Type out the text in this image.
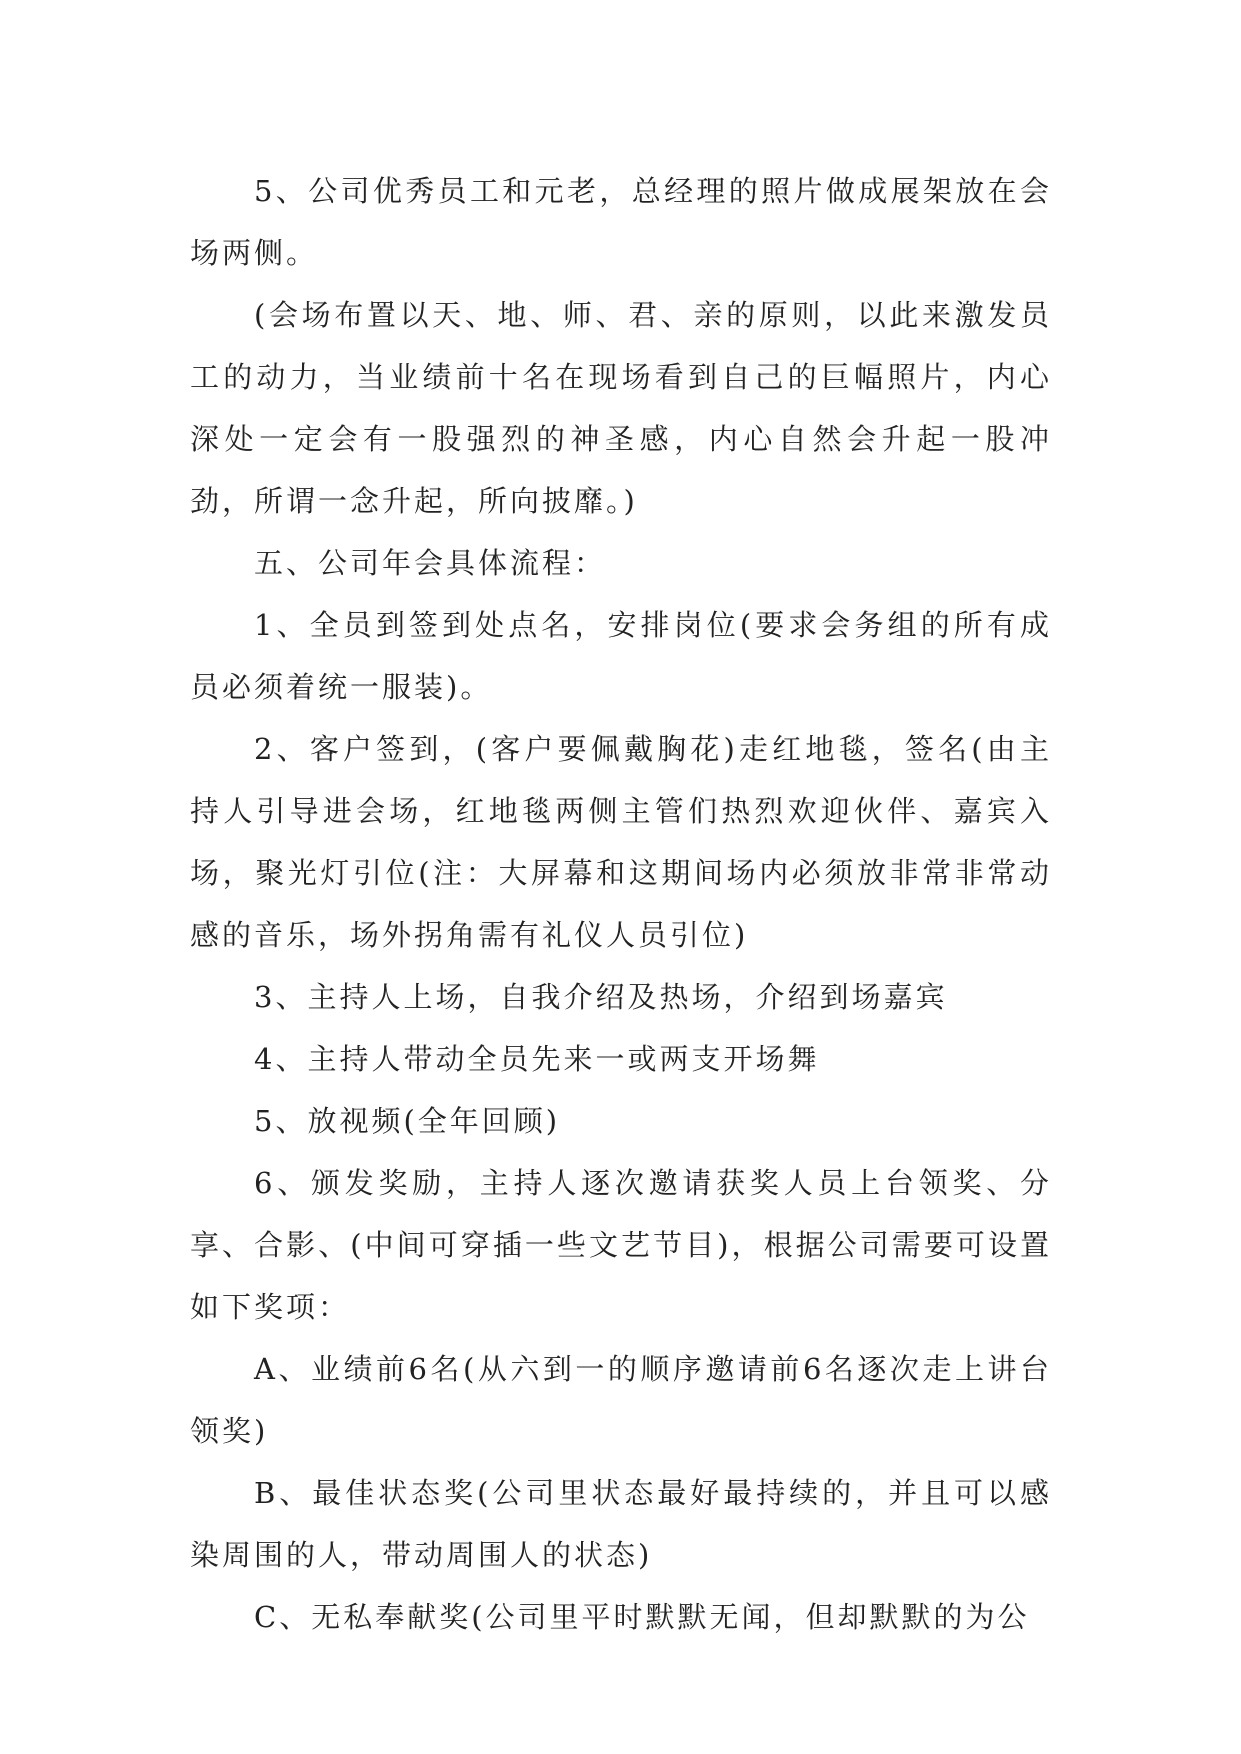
5、公司优秀员工和元老，总经理的照片做成展架放在会场两侧。

(会场布置以天、地、师、君、亲的原则，以此来激发员工的动力，当业绩前十名在现场看到自己的巨幅照片，内心深处一定会有一股强烈的神圣感，内心自然会升起一股冲劲，所谓一念升起，所向披靡。)

五、公司年会具体流程：

1、全员到签到处点名，安排岗位(要求会务组的所有成员必须着统一服装)。

2、客户签到，(客户要佩戴胸花)走红地毯，签名(由主持人引导进会场，红地毯两侧主管们热烈欢迎伙伴、嘉宾入场，聚光灯引位(注：大屏幕和这期间场内必须放非常非常动感的音乐，场外拐角需有礼仪人员引位)

3、主持人上场，自我介绍及热场，介绍到场嘉宾

4、主持人带动全员先来一或两支开场舞

5、放视频(全年回顾)

6、颁发奖励，主持人逐次邀请获奖人员上台领奖、分享、合影、(中间可穿插一些文艺节目)，根据公司需要可设置如下奖项：

A、业绩前6名(从六到一的顺序邀请前6名逐次走上讲台领奖)

B、最佳状态奖(公司里状态最好最持续的，并且可以感染周围的人，带动周围人的状态)

C、无私奉献奖(公司里平时默默无闻，但却默默的为公
